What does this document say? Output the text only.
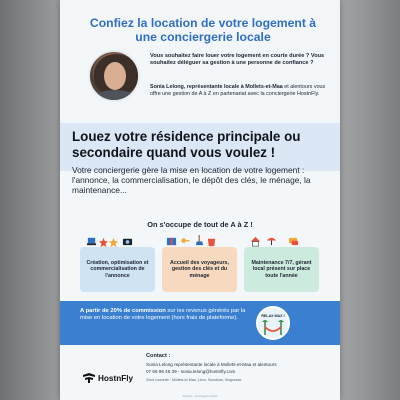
Confiez la location de votre logement à une conciergerie locale
Vous souhaitez faire louer votre logement en courte durée ? Vous souhaitez déléguer sa gestion à une personne de confiance ?
Sonia Lelong, représentante locale à Mollets-et-Maa et alentours vous offre une gestion de A à Z en partenariat avec la conciergerie HostnFly.
Louez votre résidence principale ou secondaire quand vous voulez !
Votre conciergerie gère la mise en location de votre logement : l'annonce, la commercialisation, le dépôt des clés, le ménage, la maintenance...
On s'occupe de tout de A à Z !
Création, optimisation et commercialisation de l'annonce
Accueil des voyageurs, gestion des clés et du ménage
Maintenance 7/7, gérant local présent sur place toute l'année
A partir de 20% de commission sur les revenus générés par la mise en location de votre logement (hors frais de plateforme).	RELAX MAX !
Contact :
Sonia Lelong représentante locale à Mollets-et-Maa et alentours
07 66 95 46 39 - sonia.lelong@hostnfly.com
Zone couverte : Mollets-et-Maa, Léon, Soustons, Seignosse
HostnFly
HostnFly - Conciergerie Airbnb
